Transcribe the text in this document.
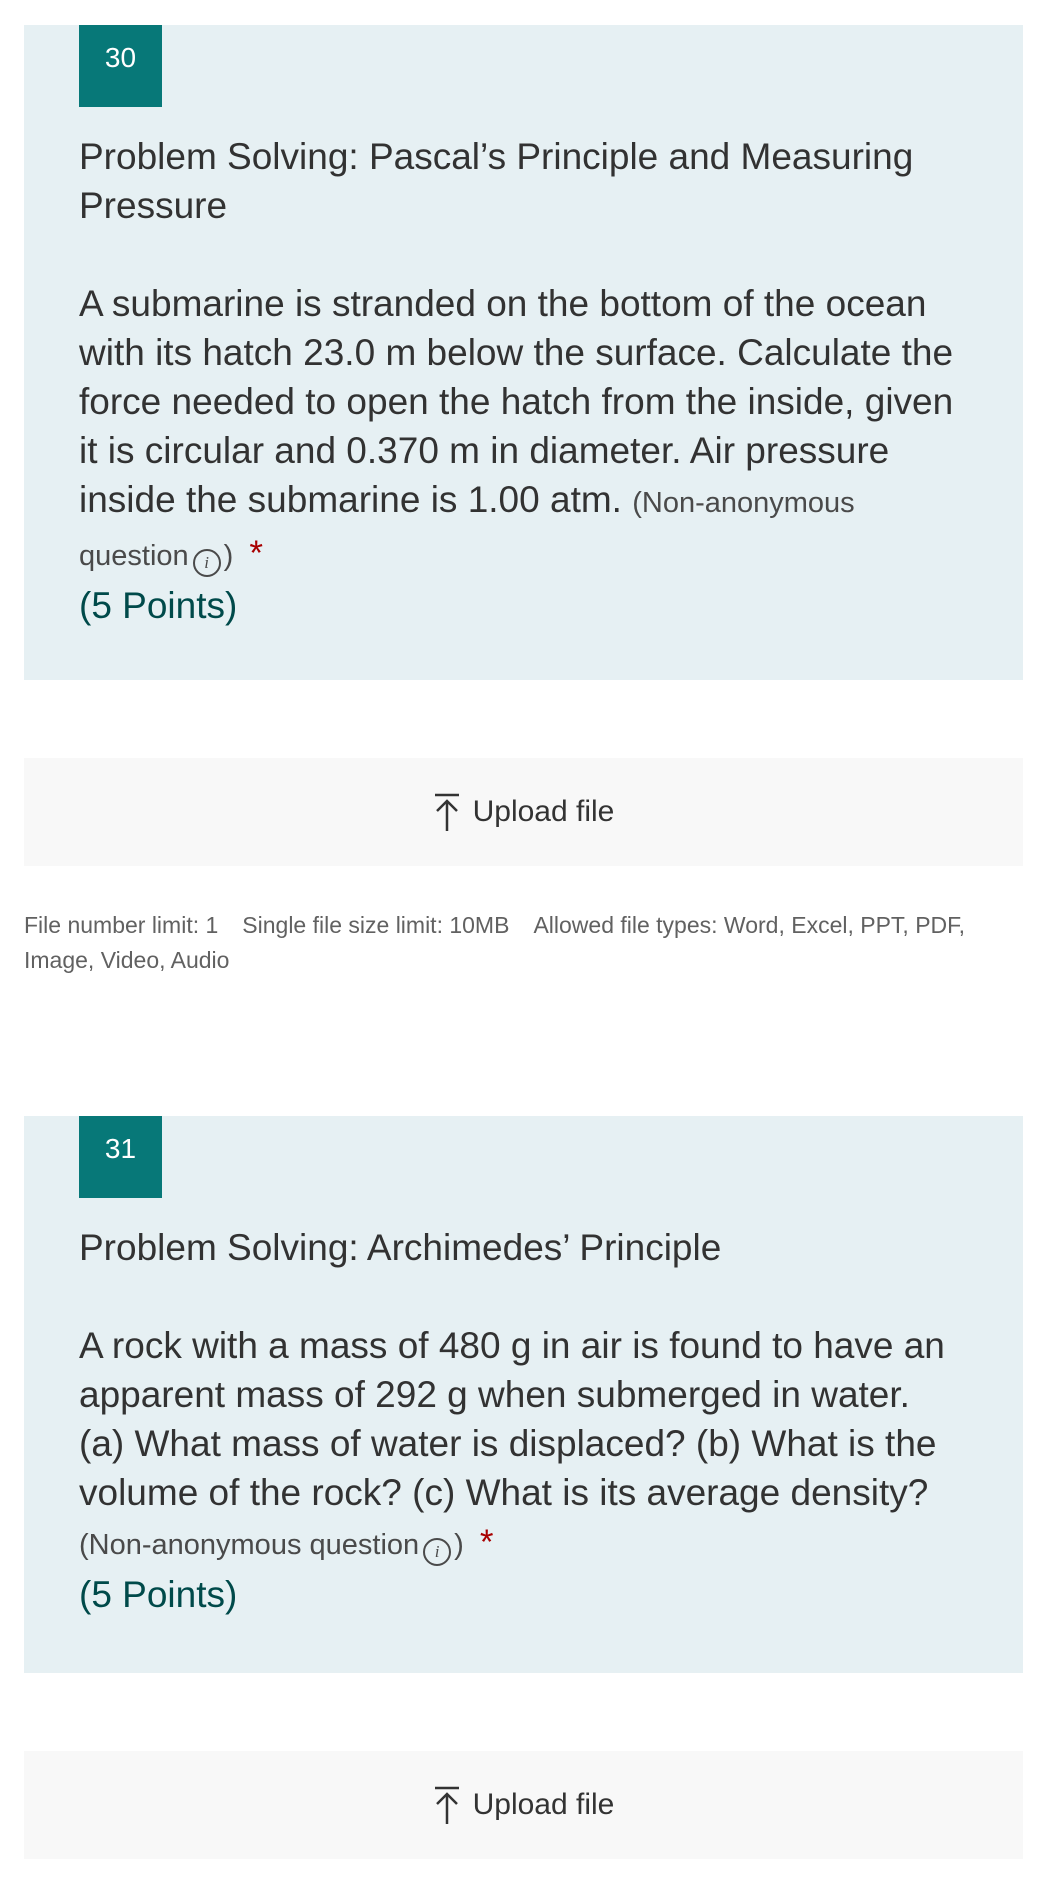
30

Problem Solving: Pascal’s Principle and Measuring Pressure

A submarine is stranded on the bottom of the ocean with its hatch 23.0 m below the surface. Calculate the force needed to open the hatch from the inside, given it is circular and 0.370 m in diameter. Air pressure inside the submarine is 1.00 atm. (Non-anonymous question i ) *

(5 Points)

Upload file
File number limit: 1 Single file size limit: 10MB Allowed file types: Word, Excel, PPT, PDF, Image, Video, Audio
31

Problem Solving: Archimedes’ Principle

A rock with a mass of 480 g in air is found to have an apparent mass of 292 g when submerged in water. (a) What mass of water is displaced? (b) What is the volume of the rock? (c) What is its average density? (Non-anonymous question i ) *

(5 Points)

Upload file
